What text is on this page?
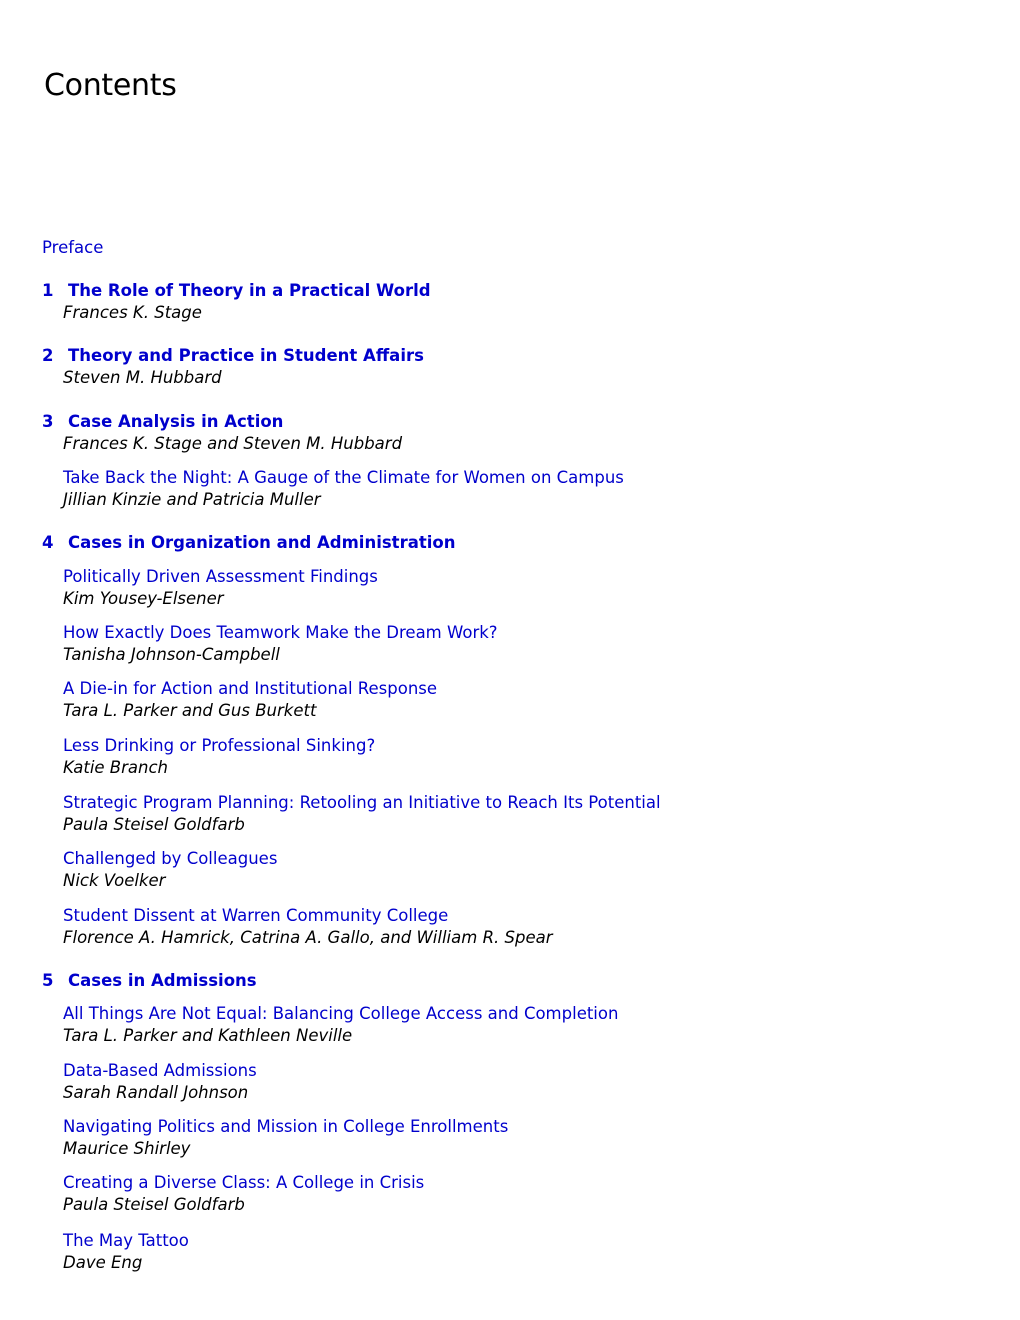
Contents
Preface
1 The Role of Theory in a Practical World
Frances K. Stage
2 Theory and Practice in Student Affairs
Steven M. Hubbard
3 Case Analysis in Action
Frances K. Stage and Steven M. Hubbard
Take Back the Night: A Gauge of the Climate for Women on Campus
Jillian Kinzie and Patricia Muller
4 Cases in Organization and Administration
Politically Driven Assessment Findings
Kim Yousey-Elsener
How Exactly Does Teamwork Make the Dream Work?
Tanisha Johnson-Campbell
A Die-in for Action and Institutional Response
Tara L. Parker and Gus Burkett
Less Drinking or Professional Sinking?
Katie Branch
Strategic Program Planning: Retooling an Initiative to Reach Its Potential
Paula Steisel Goldfarb
Challenged by Colleagues
Nick Voelker
Student Dissent at Warren Community College
Florence A. Hamrick, Catrina A. Gallo, and William R. Spear
5 Cases in Admissions
All Things Are Not Equal: Balancing College Access and Completion
Tara L. Parker and Kathleen Neville
Data-Based Admissions
Sarah Randall Johnson
Navigating Politics and Mission in College Enrollments
Maurice Shirley
Creating a Diverse Class: A College in Crisis
Paula Steisel Goldfarb
The May Tattoo
Dave Eng
